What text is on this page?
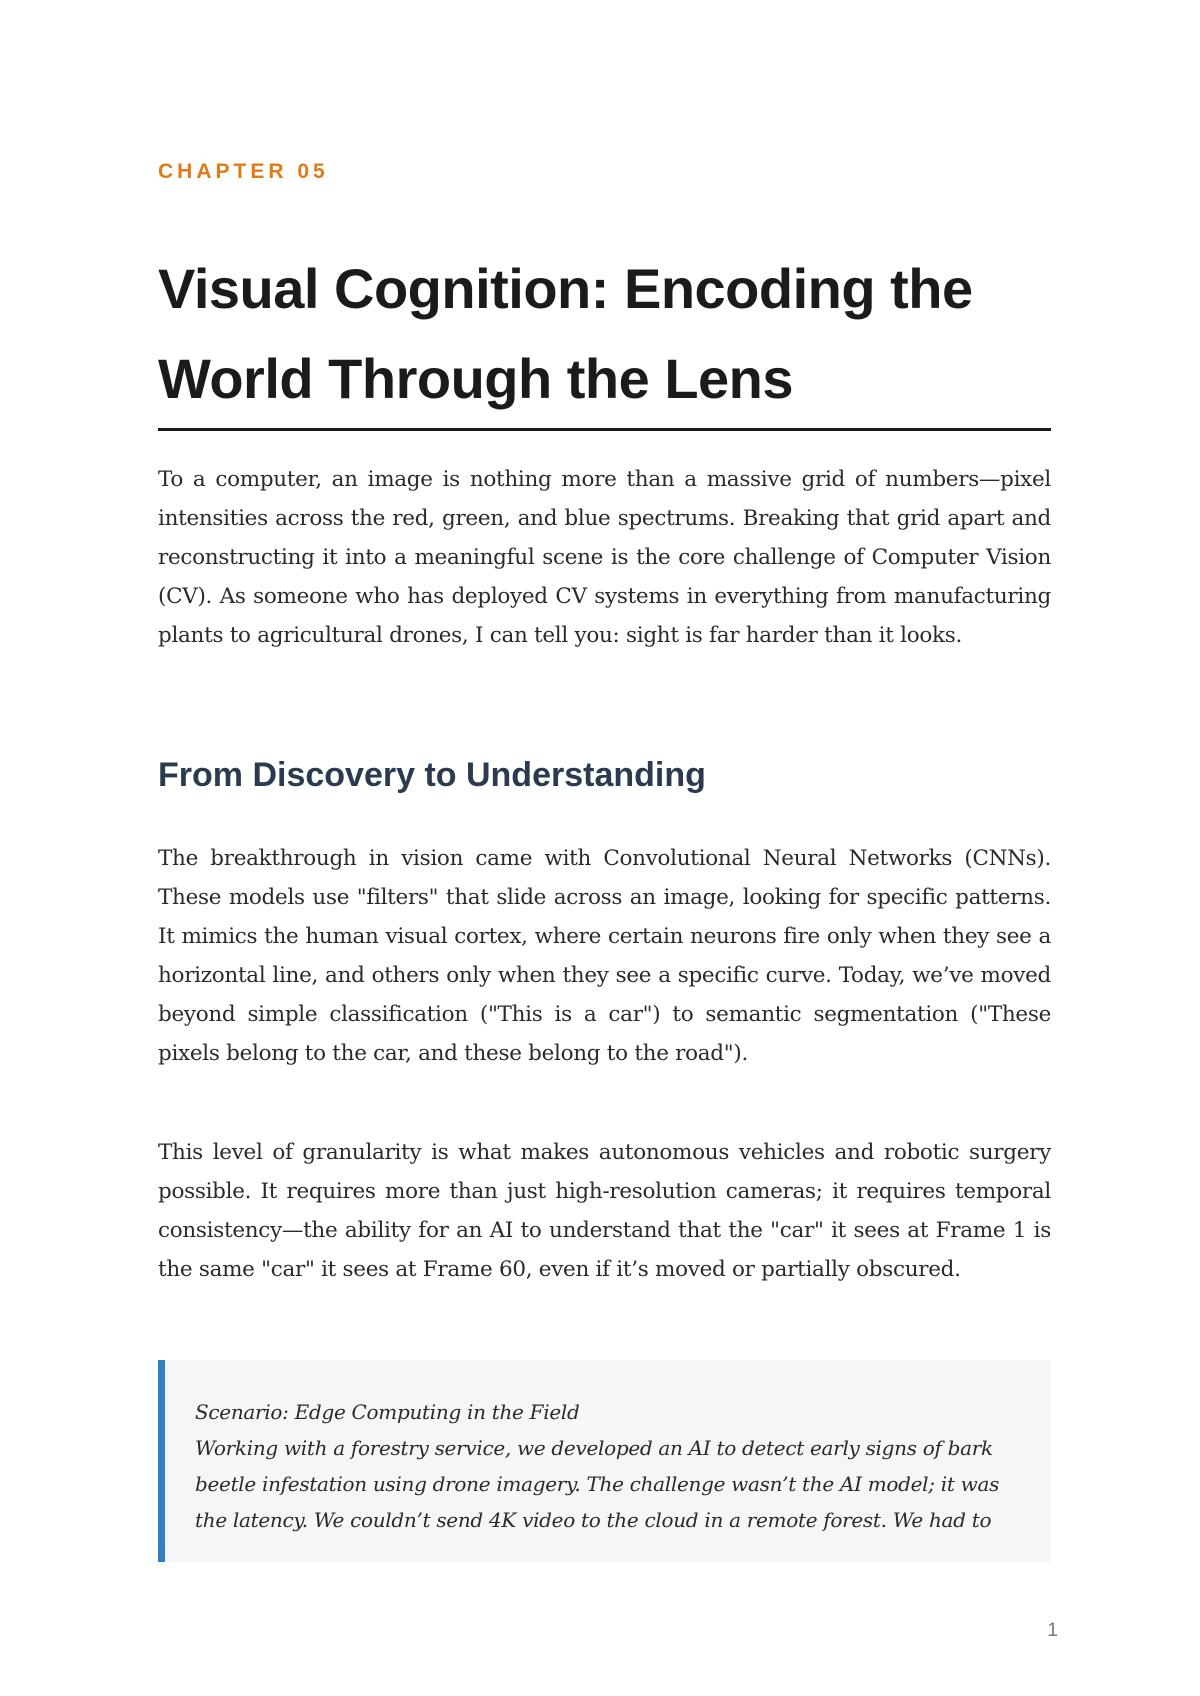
CHAPTER 05

Visual Cognition: Encoding the World Through the Lens

To a computer, an image is nothing more than a massive grid of numbers—pixel intensities across the red, green, and blue spectrums. Breaking that grid apart and reconstructing it into a meaningful scene is the core challenge of Computer Vision (CV). As someone who has deployed CV systems in everything from manufacturing plants to agricultural drones, I can tell you: sight is far harder than it looks.

From Discovery to Understanding

The breakthrough in vision came with Convolutional Neural Networks (CNNs). These models use "filters" that slide across an image, looking for specific patterns. It mimics the human visual cortex, where certain neurons fire only when they see a horizontal line, and others only when they see a specific curve. Today, we’ve moved beyond simple classification ("This is a car") to semantic segmentation ("These pixels belong to the car, and these belong to the road").

This level of granularity is what makes autonomous vehicles and robotic surgery possible. It requires more than just high-resolution cameras; it requires temporal consistency—the ability for an AI to understand that the "car" it sees at Frame 1 is the same "car" it sees at Frame 60, even if it’s moved or partially obscured.

Scenario: Edge Computing in the Field
Working with a forestry service, we developed an AI to detect early signs of bark beetle infestation using drone imagery. The challenge wasn’t the AI model; it was the latency. We couldn’t send 4K video to the cloud in a remote forest. We had to

1
